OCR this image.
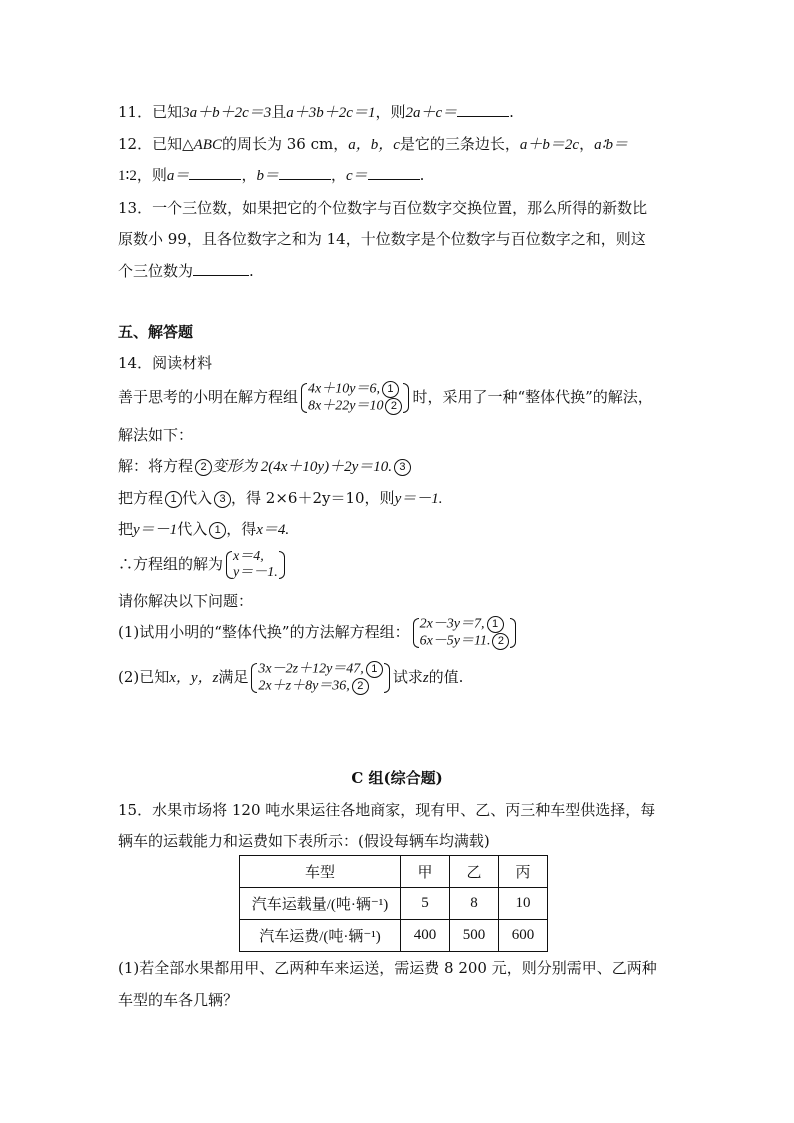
11．已知3a＋b＋2c＝3且a＋3b＋2c＝1，则2a＋c＝	.
12．已知△ABC的周长为 36 cm，a，b，c是它的三条边长，a＋b＝2c，a∶b＝
1∶2，则a＝	，b＝	，c＝	.
13．一个三位数，如果把它的个位数字与百位数字交换位置，那么所得的新数比
原数小 99，且各位数字之和为 14，十位数字是个位数字与百位数字之和，则这
个三位数为	.
五、解答题
14．阅读材料
善于思考的小明在解方程组 4x＋10y＝6, 1
8x＋22y＝10 2	时，采用了一种“整体代换”的解法，
解法如下：
解：将方程 2 变形为 2(4x＋10y)＋2y＝10. 3
把方程 1 代入 3 ，得 2×6＋2y＝10，则y＝－1.
把y＝－1代入 1 ，得x＝4.
∴方程组的解为 x＝4,
y＝－1.
请你解决以下问题：
(1)试用小明的“整体代换”的方法解方程组： 2x－3y＝7, 1
6x－5y＝11. 2
(2)已知x，y，z满足 3x－2z＋12y＝47, 1
2x＋z＋8y＝36, 2	试求z的值.
C 组(综合题)
15．水果市场将 120 吨水果运往各地商家，现有甲、乙、丙三种车型供选择，每
辆车的运载能力和运费如下表所示：(假设每辆车均满载)
车型	甲	乙	丙
汽车运载量/(吨·辆⁻¹)	5	8	10
汽车运费/(吨·辆⁻¹)	400	500	600
(1)若全部水果都用甲、乙两种车来运送，需运费 8 200 元，则分别需甲、乙两种
车型的车各几辆？
